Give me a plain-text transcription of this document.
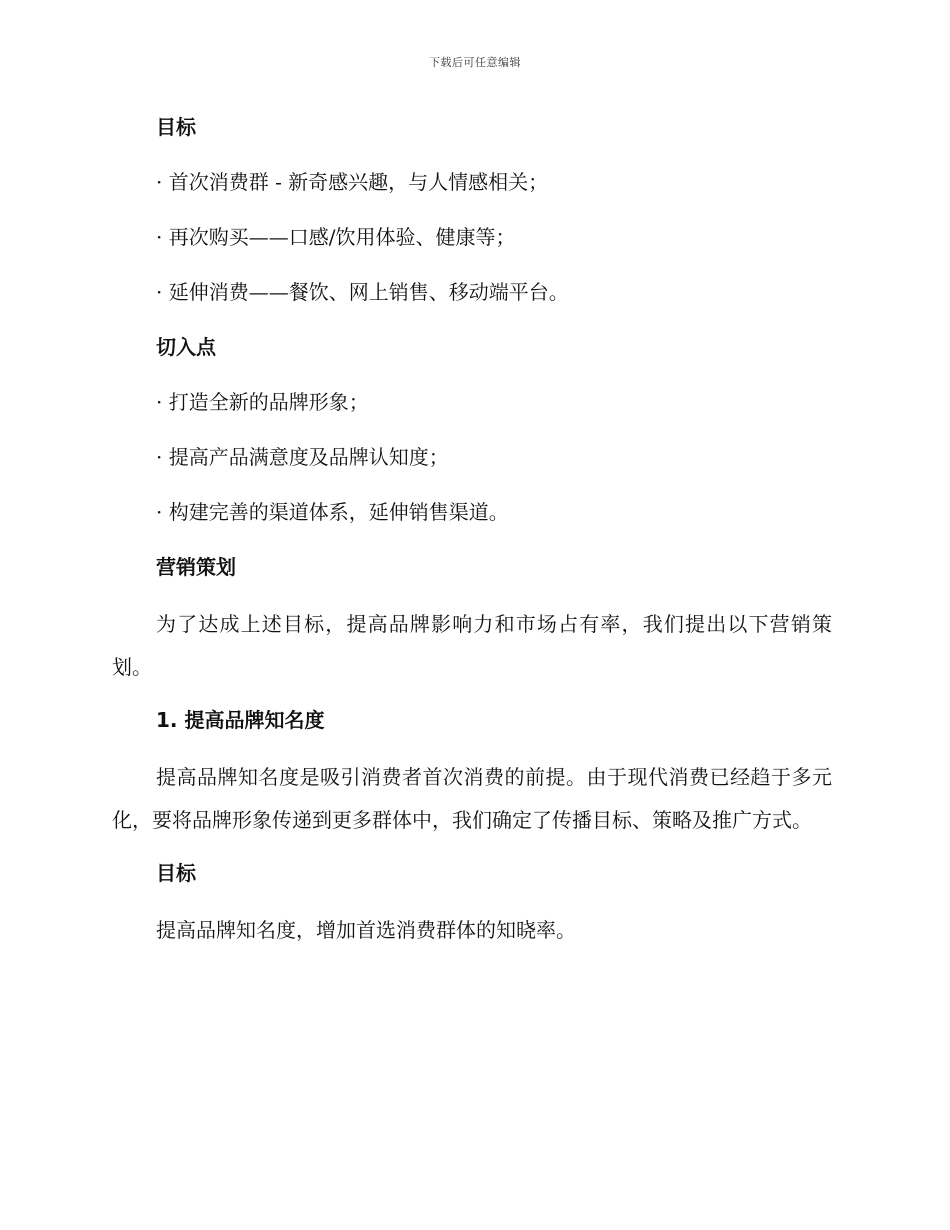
下载后可任意编辑
目标
· 首次消费群 - 新奇感兴趣，与人情感相关；
· 再次购买——口感/饮用体验、健康等；
· 延伸消费——餐饮、网上销售、移动端平台。
切入点
· 打造全新的品牌形象；
· 提高产品满意度及品牌认知度；
· 构建完善的渠道体系，延伸销售渠道。
营销策划

为了达成上述目标，提高品牌影响力和市场占有率，我们提出以下营销策划。

1. 提高品牌知名度

提高品牌知名度是吸引消费者首次消费的前提。由于现代消费已经趋于多元化，要将品牌形象传递到更多群体中，我们确定了传播目标、策略及推广方式。

目标

提高品牌知名度，增加首选消费群体的知晓率。
